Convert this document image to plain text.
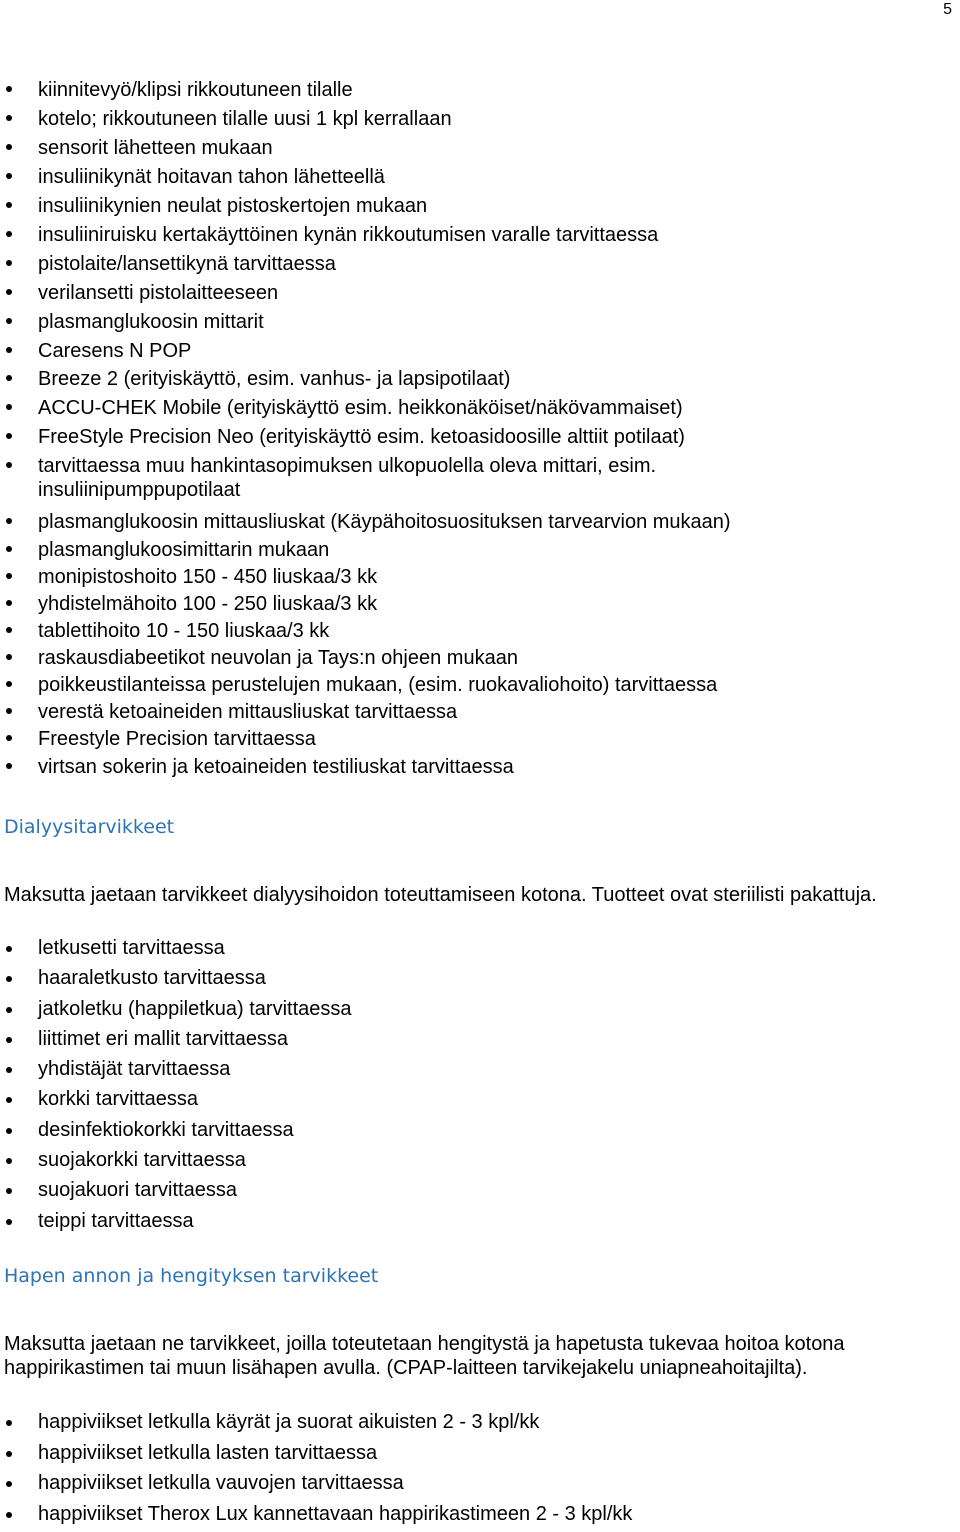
5
kiinnitevyö/klipsi rikkoutuneen tilalle
kotelo; rikkoutuneen tilalle uusi 1 kpl kerrallaan
sensorit lähetteen mukaan
insuliinikynät hoitavan tahon lähetteellä
insuliinikynien neulat pistoskertojen mukaan
insuliiniruisku kertakäyttöinen kynän rikkoutumisen varalle tarvittaessa
pistolaite/lansettikynä tarvittaessa
verilansetti pistolaitteeseen
plasmanglukoosin mittarit
Caresens N POP
Breeze 2 (erityiskäyttö, esim. vanhus- ja lapsipotilaat)
ACCU-CHEK Mobile (erityiskäyttö esim. heikkonäköiset/näkövammaiset)
FreeStyle Precision Neo (erityiskäyttö esim. ketoasidoosille alttiit potilaat)
tarvittaessa muu hankintasopimuksen ulkopuolella oleva mittari, esim. insuliinipumppupotilaat
plasmanglukoosin mittausliuskat (Käypähoitosuosituksen tarvearvion mukaan)
plasmanglukoosimittarin mukaan
monipistoshoito 150 - 450 liuskaa/3 kk
yhdistelmähoito 100 - 250 liuskaa/3 kk
tablettihoito 10 - 150 liuskaa/3 kk
raskausdiabeetikot neuvolan ja Tays:n ohjeen mukaan
poikkeustilanteissa perustelujen mukaan, (esim. ruokavaliohoito) tarvittaessa
verestä ketoaineiden mittausliuskat tarvittaessa
Freestyle Precision tarvittaessa
virtsan sokerin ja ketoaineiden testiliuskat tarvittaessa
Dialyysitarvikkeet

Maksutta jaetaan tarvikkeet dialyysihoidon toteuttamiseen kotona. Tuotteet ovat steriilisti pakattuja.

letkusetti tarvittaessa
haaraletkusto tarvittaessa
jatkoletku (happiletkua) tarvittaessa
liittimet eri mallit tarvittaessa
yhdistäjät tarvittaessa
korkki tarvittaessa
desinfektiokorkki tarvittaessa
suojakorkki tarvittaessa
suojakuori tarvittaessa
teippi tarvittaessa
Hapen annon ja hengityksen tarvikkeet

Maksutta jaetaan ne tarvikkeet, joilla toteutetaan hengitystä ja hapetusta tukevaa hoitoa kotona happirikastimen tai muun lisähapen avulla. (CPAP-laitteen tarvikejakelu uniapneahoitajilta).

happiviikset letkulla käyrät ja suorat aikuisten 2 - 3 kpl/kk
happiviikset letkulla lasten tarvittaessa
happiviikset letkulla vauvojen tarvittaessa
happiviikset Therox Lux kannettavaan happirikastimeen 2 - 3 kpl/kk
